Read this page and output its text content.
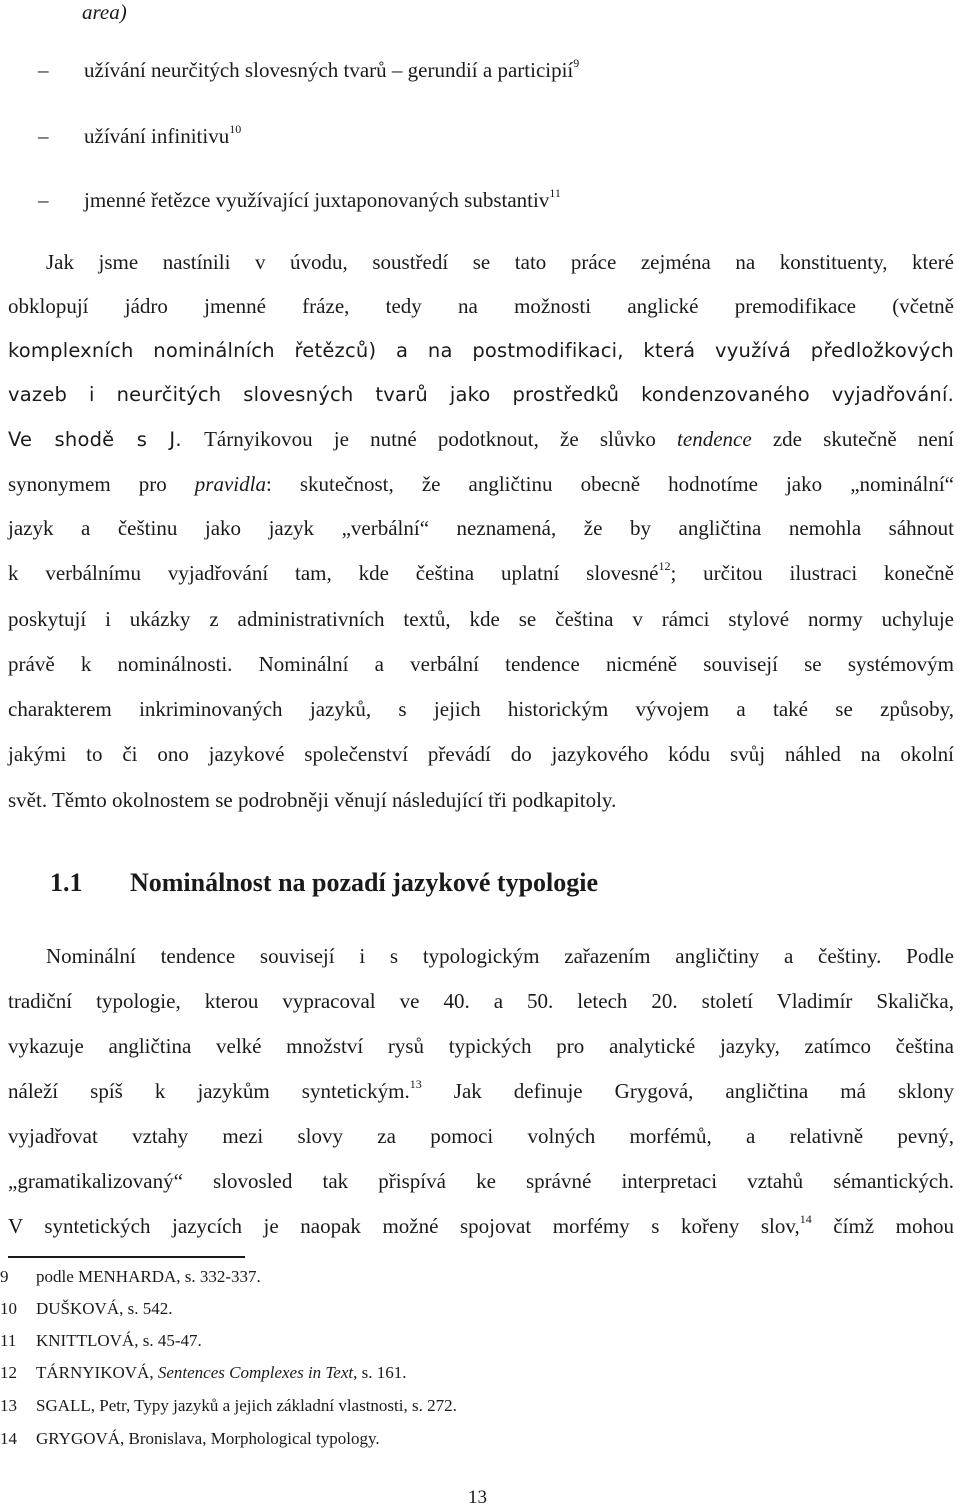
area)
– užívání neurčitých slovesných tvarů – gerundií a participií$^9$
– užívání infinitivu$^{10}$
– jmenné řetězce využívající juxtaponovaných substantiv$^{11}$
Jak jsme nastínili v úvodu, soustředí se tato práce zejména na konstituenty, které
obklopují jádro jmenné fráze, tedy na možnosti anglické premodifikace (včetně
komplexních nominálních řetězců) a na postmodifikaci, která využívá předložkových
vazeb i neurčitých slovesných tvarů jako prostředků kondenzovaného vyjadřování.
Ve shodě s J. Tárnyikovou je nutné podotknout, že slůvko tendence zde skutečně není
synonymem pro pravidla: skutečnost, že angličtinu obecně hodnotíme jako „nominální“
jazyk a češtinu jako jazyk „verbální“ neznamená, že by angličtina nemohla sáhnout
k verbálnímu vyjadřování tam, kde čeština uplatní slovesné$^{12}$; určitou ilustraci konečně
poskytují i ukázky z administrativních textů, kde se čeština v rámci stylové normy uchyluje
právě k nominálnosti. Nominální a verbální tendence nicméně souvisejí se systémovým
charakterem inkriminovaných jazyků, s jejich historickým vývojem a také se způsoby,
jakými to či ono jazykové společenství převádí do jazykového kódu svůj náhled na okolní
svět. Těmto okolnostem se podrobněji věnují následující tři podkapitoly.
1.1 Nominálnost na pozadí jazykové typologie
Nominální tendence souvisejí i s typologickým zařazením angličtiny a češtiny. Podle
tradiční typologie, kterou vypracoval ve 40. a 50. letech 20. století Vladimír Skalička,
vykazuje angličtina velké množství rysů typických pro analytické jazyky, zatímco čeština
náleží spíš k jazykům syntetickým.$^{13}$ Jak definuje Grygová, angličtina má sklony
vyjadřovat vztahy mezi slovy za pomoci volných morfémů, a relativně pevný,
„gramatikalizovaný“ slovosled tak přispívá ke správné interpretaci vztahů sémantických.
V syntetických jazycích je naopak možné spojovat morfémy s kořeny slov,$^{14}$ čímž mohou
9	podle MENHARDA, s. 332-337.
10	DUŠKOVÁ, s. 542.
11	KNITTLOVÁ, s. 45-47.
12	TÁRNYIKOVÁ, Sentences Complexes in Text, s. 161.
13	SGALL, Petr, Typy jazyků a jejich základní vlastnosti, s. 272.
14	GRYGOVÁ, Bronislava, Morphological typology.
13
